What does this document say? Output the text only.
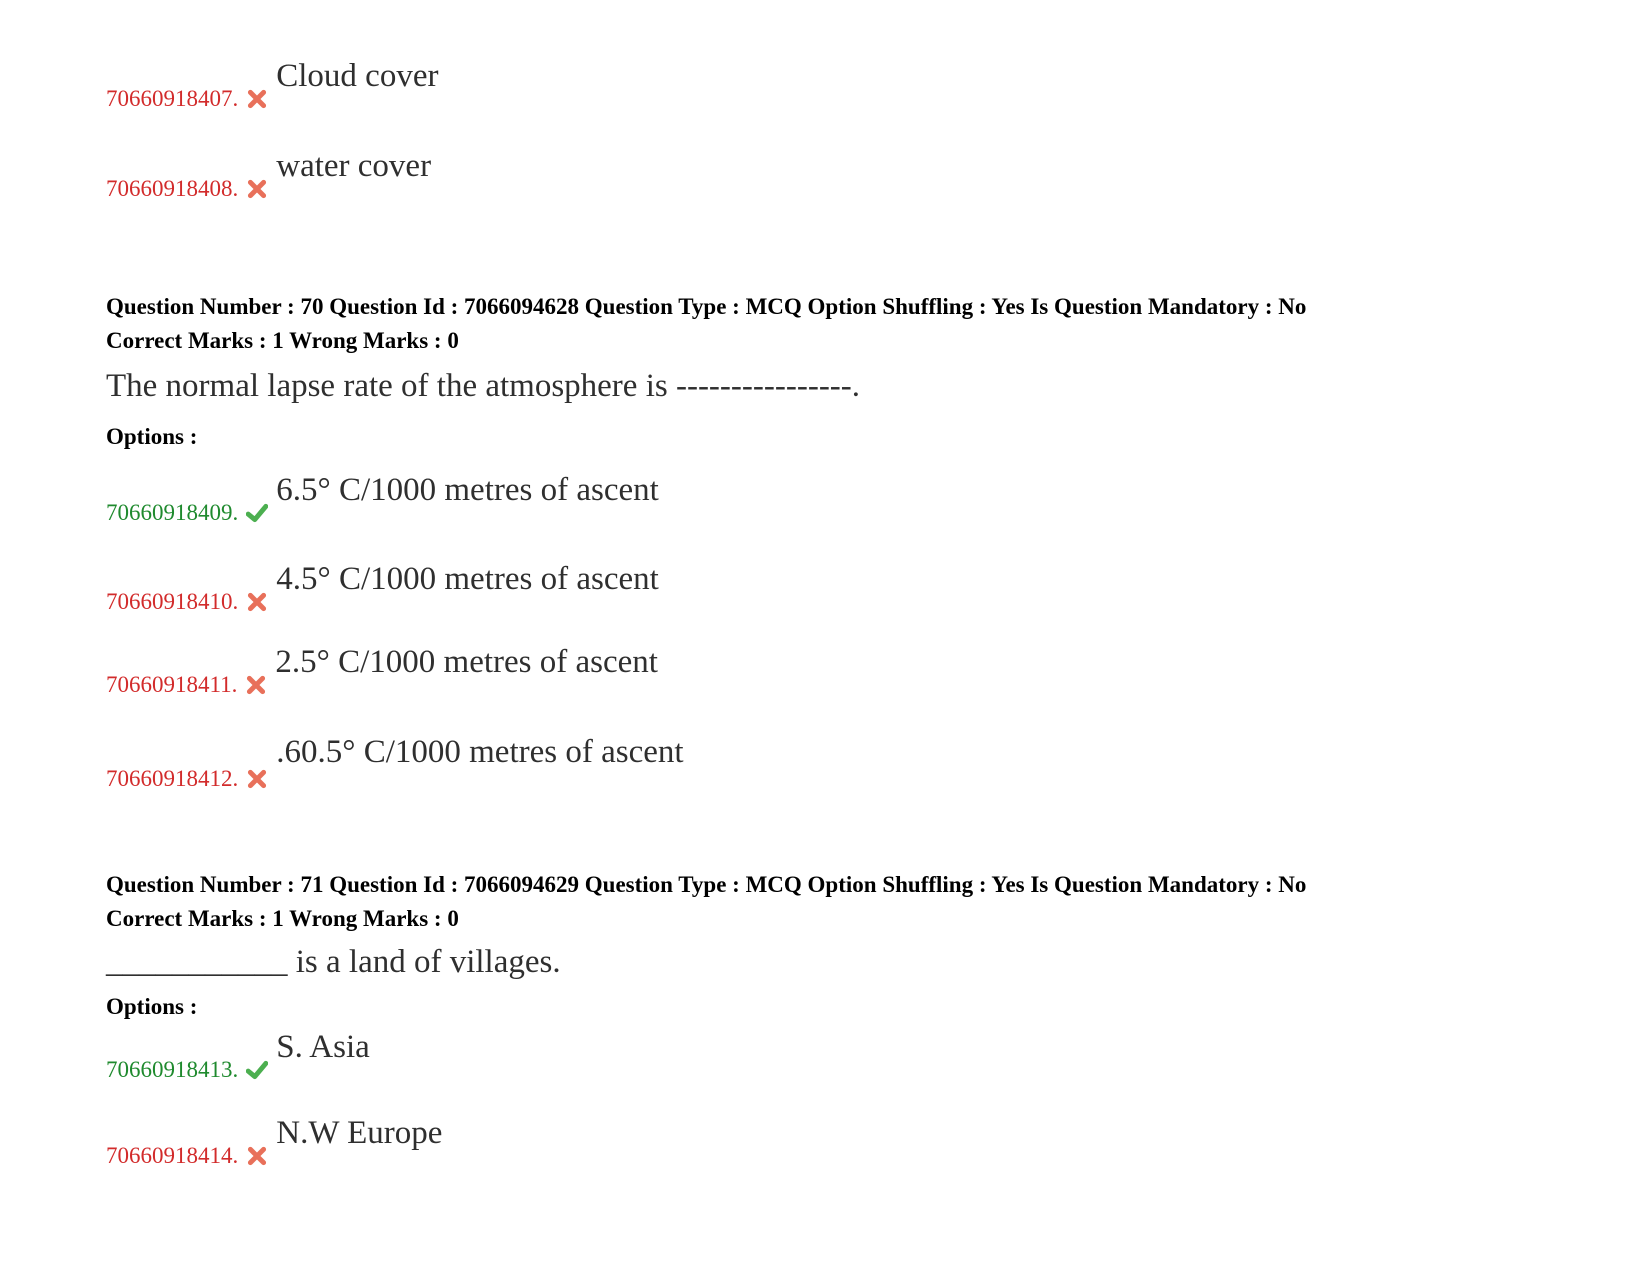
70660918407.
Cloud cover
70660918408.
water cover
Question Number : 70 Question Id : 7066094628 Question Type : MCQ Option Shuffling : Yes Is Question Mandatory : No
Correct Marks : 1 Wrong Marks : 0
The normal lapse rate of the atmosphere is ----------------.
Options :
70660918409.
6.5° C/1000 metres of ascent
70660918410.
4.5° C/1000 metres of ascent
70660918411.
2.5° C/1000 metres of ascent
70660918412.
.60.5° C/1000 metres of ascent
Question Number : 71 Question Id : 7066094629 Question Type : MCQ Option Shuffling : Yes Is Question Mandatory : No
Correct Marks : 1 Wrong Marks : 0
___________ is a land of villages.
Options :
70660918413.
S. Asia
70660918414.
N.W Europe
